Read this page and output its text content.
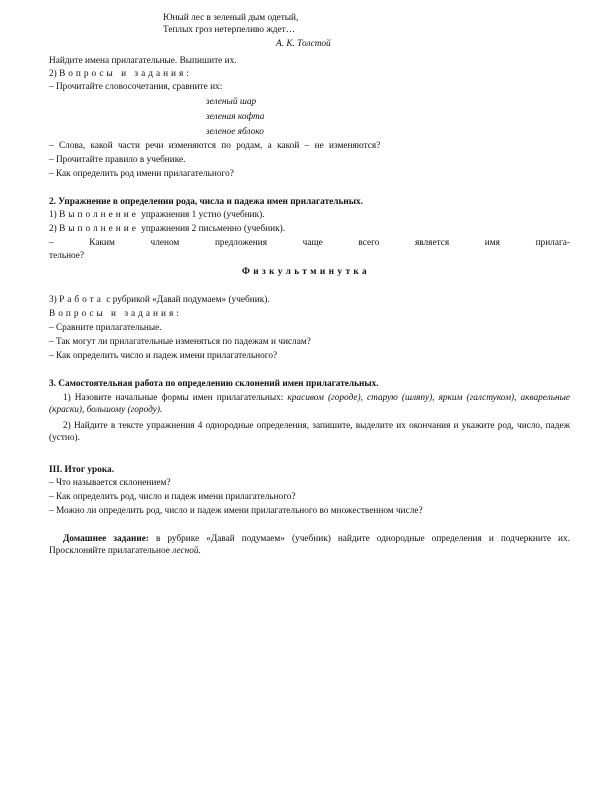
Юный лес в зеленый дым одетый,
Теплых гроз нетерпеливо ждет…
А. К. Толстой
Найдите имена прилагательные. Выпишите их.
2) Вопросы и задания:
– Прочитайте словосочетания, сравните их:
зеленый шар
зеленая кофта
зеленое яблоко
– Слова, какой части речи изменяются по родам, а какой – не изменяются?
– Прочитайте правило в учебнике.
– Как определить род имени прилагательного?
2. Упражнение в определении рода, числа и падежа имен прилагательных.
1) Выполнение упражнения 1 устно (учебник).
2) Выполнение упражнения 2 письменно (учебник).
–	Каким	членом	предложения	чаще	всего	является	имя	прилага-
тельное?
Физкультминутка
3) Работа с рубрикой «Давай подумаем» (учебник).
Вопросы и задания:
– Сравните прилагательные.
– Так могут ли прилагательные изменяться по падежам и числам?
– Как определить число и падеж имени прилагательного?
3. Самостоятельная работа по определению склонений имен прилагательных.
1) Назовите начальные формы имен прилагательных: красивом (городе), старую (шляпу), ярким (галстуком), акварельные (краски), большому (городу).
2) Найдите в тексте упражнения 4 однородные определения, запишите, выделите их окончания и укажите род, число, падеж (устно).
III. Итог урока.
– Что называется склонением?
– Как определить род, число и падеж имени прилагательного?
– Можно ли определить род, число и падеж имени прилагательного во множественном числе?
Домашнее задание: в рубрике «Давай подумаем» (учебник) найдите однородные определения и подчеркните их. Просклоняйте прилагательное лесной.
